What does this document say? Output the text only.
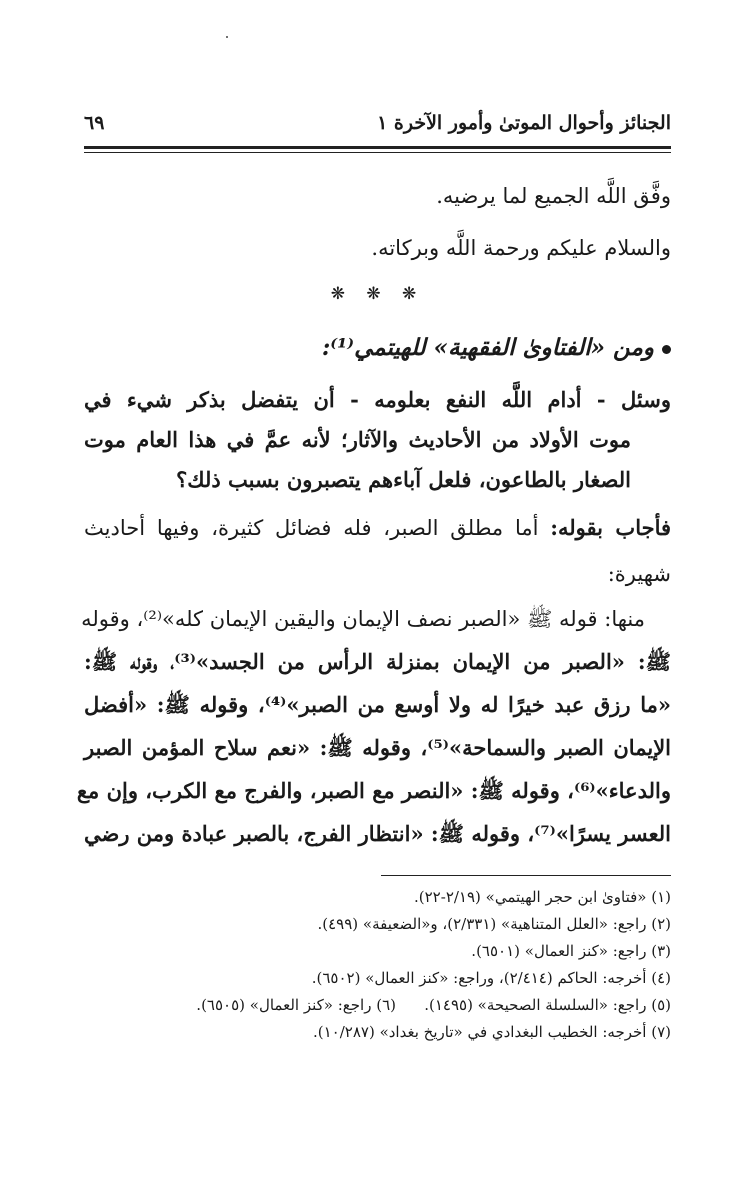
الجنائز وأحوال الموتىٰ وأمور الآخرة ١
٦٩
وفَّق اللَّه الجميع لما يرضيه.
والسلام عليكم ورحمة اللَّه وبركاته.
❋ ❋ ❋
ومن «الفتاوىٰ الفقهية» للهيتمي⁽¹⁾:
وسئل - أدام اللَّه النفع بعلومه - أن يتفضل بذكر شيء في
موت الأولاد من الأحاديث والآثار؛ لأنه عمَّ في هذا العام موت
الصغار بالطاعون، فلعل آباءهم يتصبرون بسبب ذلك؟
فأجاب بقوله: أما مطلق الصبر، فله فضائل كثيرة، وفيها أحاديث
شهيرة:
منها: قوله ﷺ «الصبر نصف الإيمان واليقين الإيمان كله»⁽²⁾، وقوله
ﷺ: «الصبر من الإيمان بمنزلة الرأس من الجسد»⁽³⁾، وقوله ﷺ:
«ما رزق عبد خيرًا له ولا أوسع من الصبر»⁽⁴⁾، وقوله ﷺ: «أفضل
الإيمان الصبر والسماحة»⁽⁵⁾، وقوله ﷺ: «نعم سلاح المؤمن الصبر
والدعاء»⁽⁶⁾، وقوله ﷺ: «النصر مع الصبر، والفرج مع الكرب، وإن مع
العسر يسرًا»⁽⁷⁾، وقوله ﷺ: «انتظار الفرج، بالصبر عبادة ومن رضي
(١) «فتاوىٰ ابن حجر الهيتمي» (٢/١٩-٢٢).
(٢) راجع: «العلل المتناهية» (٢/٣٣١)، و«الضعيفة» (٤٩٩).
(٣) راجع: «كنز العمال» (٦٥٠١).
(٤) أخرجه: الحاكم (٢/٤١٤)، وراجع: «كنز العمال» (٦٥٠٢).
(٥) راجع: «السلسلة الصحيحة» (١٤٩٥).
(٦) راجع: «كنز العمال» (٦٥٠٥).
(٧) أخرجه: الخطيب البغدادي في «تاريخ بغداد» (١٠/٢٨٧).
